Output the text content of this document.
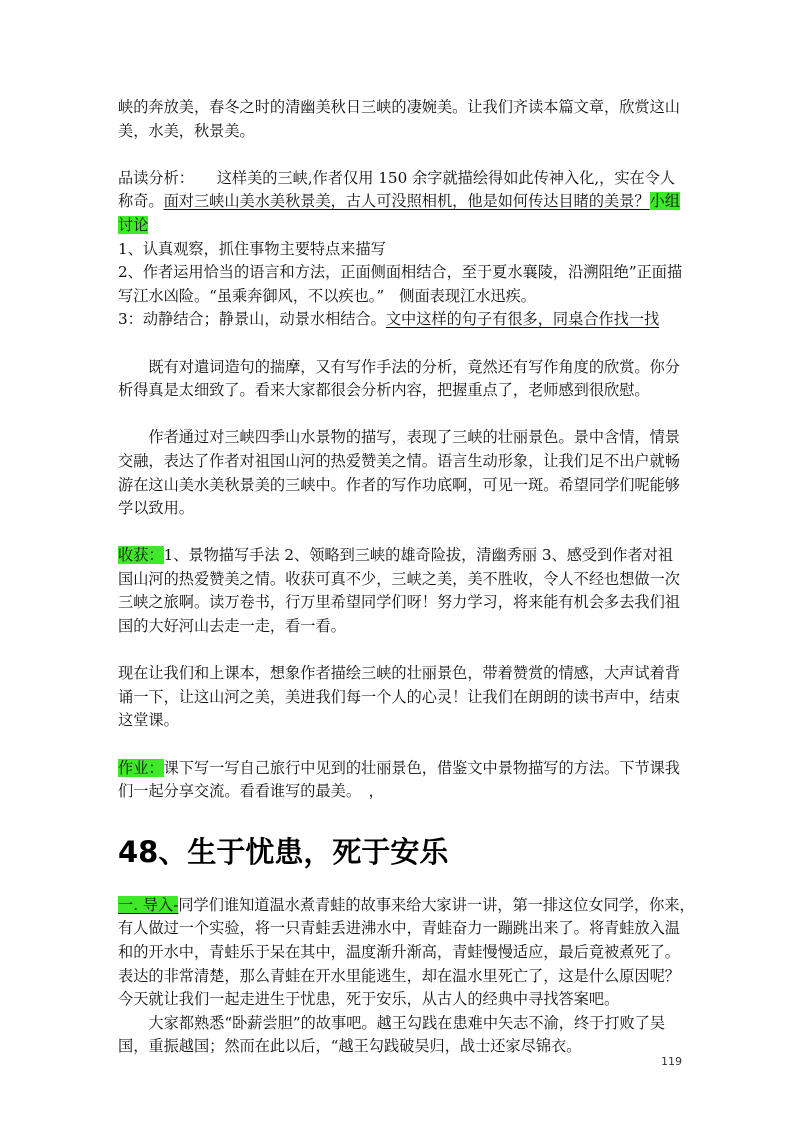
峡的奔放美，春冬之时的清幽美秋日三峡的凄婉美。让我们齐读本篇文章，欣赏这山美，水美，秋景美。

品读分析：　　 这样美的三峡,作者仅用 150 余字就描绘得如此传神入化,，实在令人称奇。面对三峡山美水美秋景美，古人可没照相机，他是如何传达目睹的美景？小组讨论

1、认真观察，抓住事物主要特点来描写

2、作者运用恰当的语言和方法，正面侧面相结合，至于夏水襄陵，沿溯阻绝”正面描写江水凶险。“虽乘奔御风，不以疾也。”　侧面表现江水迅疾。

3：动静结合；静景山，动景水相结合。文中这样的句子有很多，同桌合作找一找

既有对遣词造句的揣摩，又有写作手法的分析，竟然还有写作角度的欣赏。你分析得真是太细致了。看来大家都很会分析内容，把握重点了，老师感到很欣慰。

作者通过对三峡四季山水景物的描写，表现了三峡的壮丽景色。景中含情，情景交融，表达了作者对祖国山河的热爱赞美之情。语言生动形象，让我们足不出户就畅游在这山美水美秋景美的三峡中。作者的写作功底啊，可见一斑。希望同学们呢能够学以致用。

收获：1、景物描写手法 2、领略到三峡的雄奇险拔，清幽秀丽 3、感受到作者对祖国山河的热爱赞美之情。收获可真不少，三峡之美，美不胜收，令人不经也想做一次三峡之旅啊。读万卷书，行万里希望同学们呀！努力学习，将来能有机会多去我们祖国的大好河山去走一走，看一看。

现在让我们和上课本，想象作者描绘三峡的壮丽景色，带着赞赏的情感，大声试着背诵一下，让这山河之美，美进我们每一个人的心灵！让我们在朗朗的读书声中，结束这堂课。

作业：课下写一写自己旅行中见到的壮丽景色，借鉴文中景物描写的方法。下节课我们一起分享交流。看看谁写的最美。　，

48、生于忧患，死于安乐

一. 导入-同学们谁知道温水煮青蛙的故事来给大家讲一讲，第一排这位女同学，你来，　有人做过一个实验，将一只青蛙丢进沸水中，青蛙奋力一蹦跳出来了。将青蛙放入温和的开水中，青蛙乐于呆在其中，温度渐升渐高，青蛙慢慢适应，最后竟被煮死了。表达的非常清楚，那么青蛙在开水里能逃生，却在温水里死亡了，这是什么原因呢？今天就让我们一起走进生于忧患，死于安乐，从古人的经典中寻找答案吧。

大家都熟悉“卧薪尝胆”的故事吧。越王勾践在患难中矢志不渝，终于打败了吴国，重振越国；然而在此以后，“越王勾践破吴归，战士还家尽锦衣。

119
